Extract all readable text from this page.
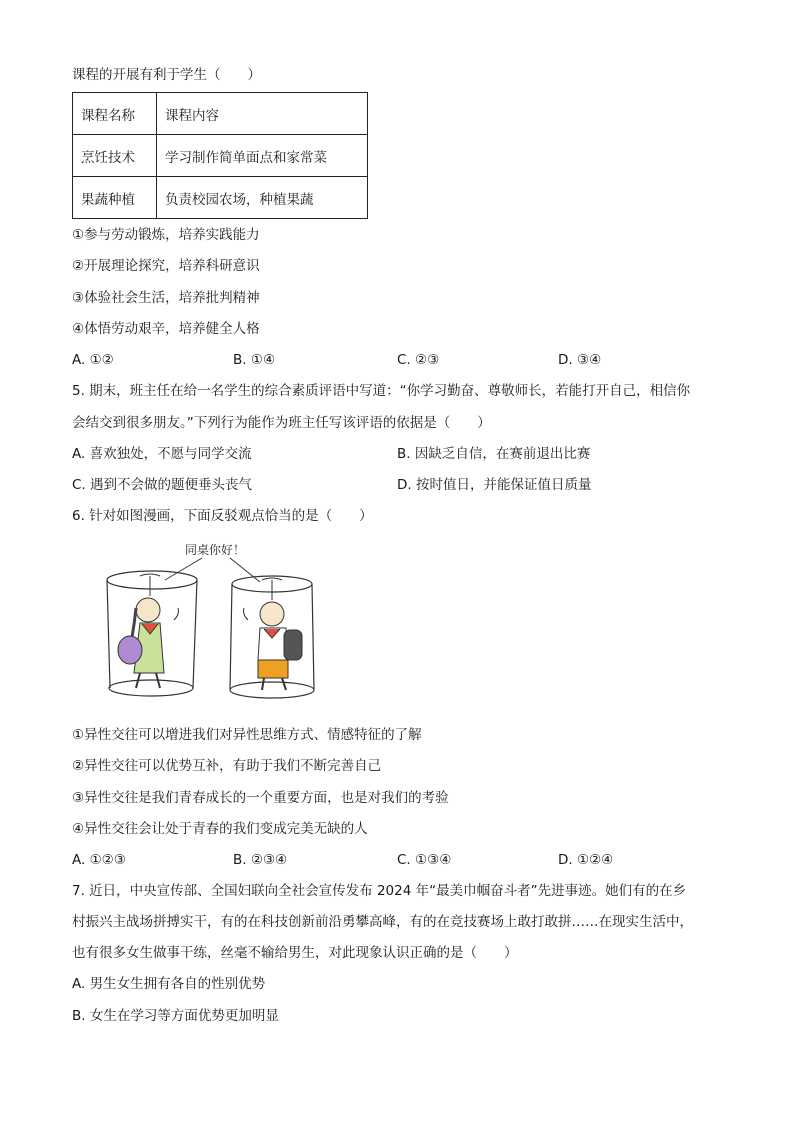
课程的开展有利于学生（　　）
课程名称	课程内容
烹饪技术	学习制作简单面点和家常菜
果蔬种植	负责校园农场，种植果蔬
①参与劳动锻炼，培养实践能力
②开展理论探究，培养科研意识
③体验社会生活，培养批判精神
④体悟劳动艰辛，培养健全人格
A. ①②	B. ①④	C. ②③	D. ③④
5. 期末，班主任在给一名学生的综合素质评语中写道：“你学习勤奋、尊敬师长，若能打开自己，相信你
会结交到很多朋友。”下列行为能作为班主任写该评语的依据是（　　）
A. 喜欢独处，不愿与同学交流	B. 因缺乏自信，在赛前退出比赛
C. 遇到不会做的题便垂头丧气	D. 按时值日，并能保证值日质量
6. 针对如图漫画，下面反驳观点恰当的是（　　）
同桌你好！
①异性交往可以增进我们对异性思维方式、情感特征的了解
②异性交往可以优势互补，有助于我们不断完善自己
③异性交往是我们青春成长的一个重要方面，也是对我们的考验
④异性交往会让处于青春的我们变成完美无缺的人
A. ①②③	B. ②③④	C. ①③④	D. ①②④
7. 近日，中央宣传部、全国妇联向全社会宣传发布 2024 年“最美巾帼奋斗者”先进事迹。她们有的在乡
村振兴主战场拼搏实干，有的在科技创新前沿勇攀高峰，有的在竞技赛场上敢打敢拼……在现实生活中，
也有很多女生做事干练，丝毫不输给男生，对此现象认识正确的是（　　）
A. 男生女生拥有各自的性别优势
B. 女生在学习等方面优势更加明显
